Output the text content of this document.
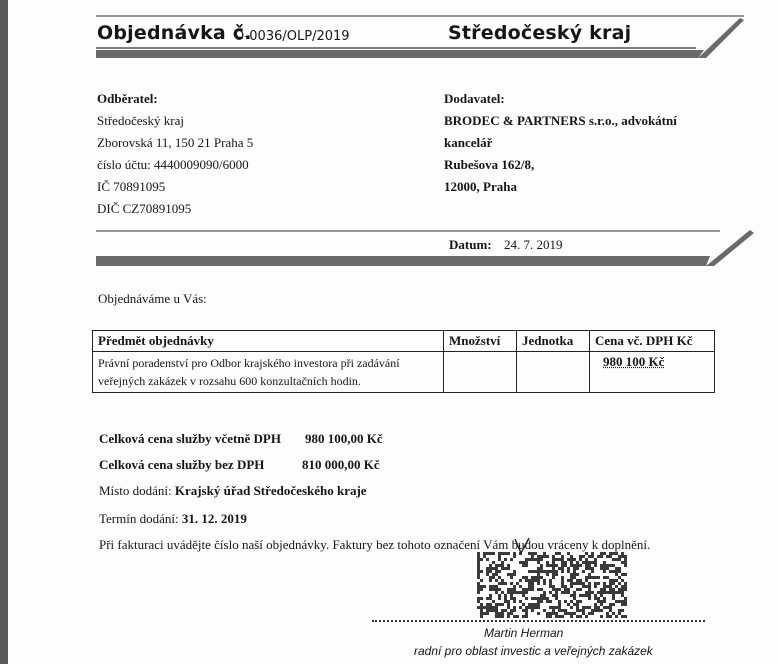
Objednávka č.
O-0036/OLP/2019	Středočeský kraj
Odběratel:
Středočeský kraj
Zborovská 11, 150 21 Praha 5
číslo účtu: 4440009090/6000
IČ 70891095
DIČ CZ70891095
Dodavatel:
BRODEC & PARTNERS s.r.o., advokátní
kancelář
Rubešova 162/8,
12000, Praha
Datum: 24. 7. 2019
Objednáváme u Vás:
Předmět objednávky	Množství	Jednotka	Cena vč. DPH Kč

Právní poradenství pro Odbor krajského investora při zadávání
veřejných zakázek v rozsahu 600 konzultačních hodin.			980 100 Kč
Celková cena služby včetně DPH 980 100,00 Kč
Celková cena služby bez DPH	810 000,00 Kč
Místo dodání: Krajský úřad Středočeského kraje
Termín dodání: 31. 12. 2019
Při fakturaci uvádějte číslo naší objednávky. Faktury bez tohoto označení Vám budou vráceny k doplnění.
Martin Herman
radní pro oblast investic a veřejných zakázek
